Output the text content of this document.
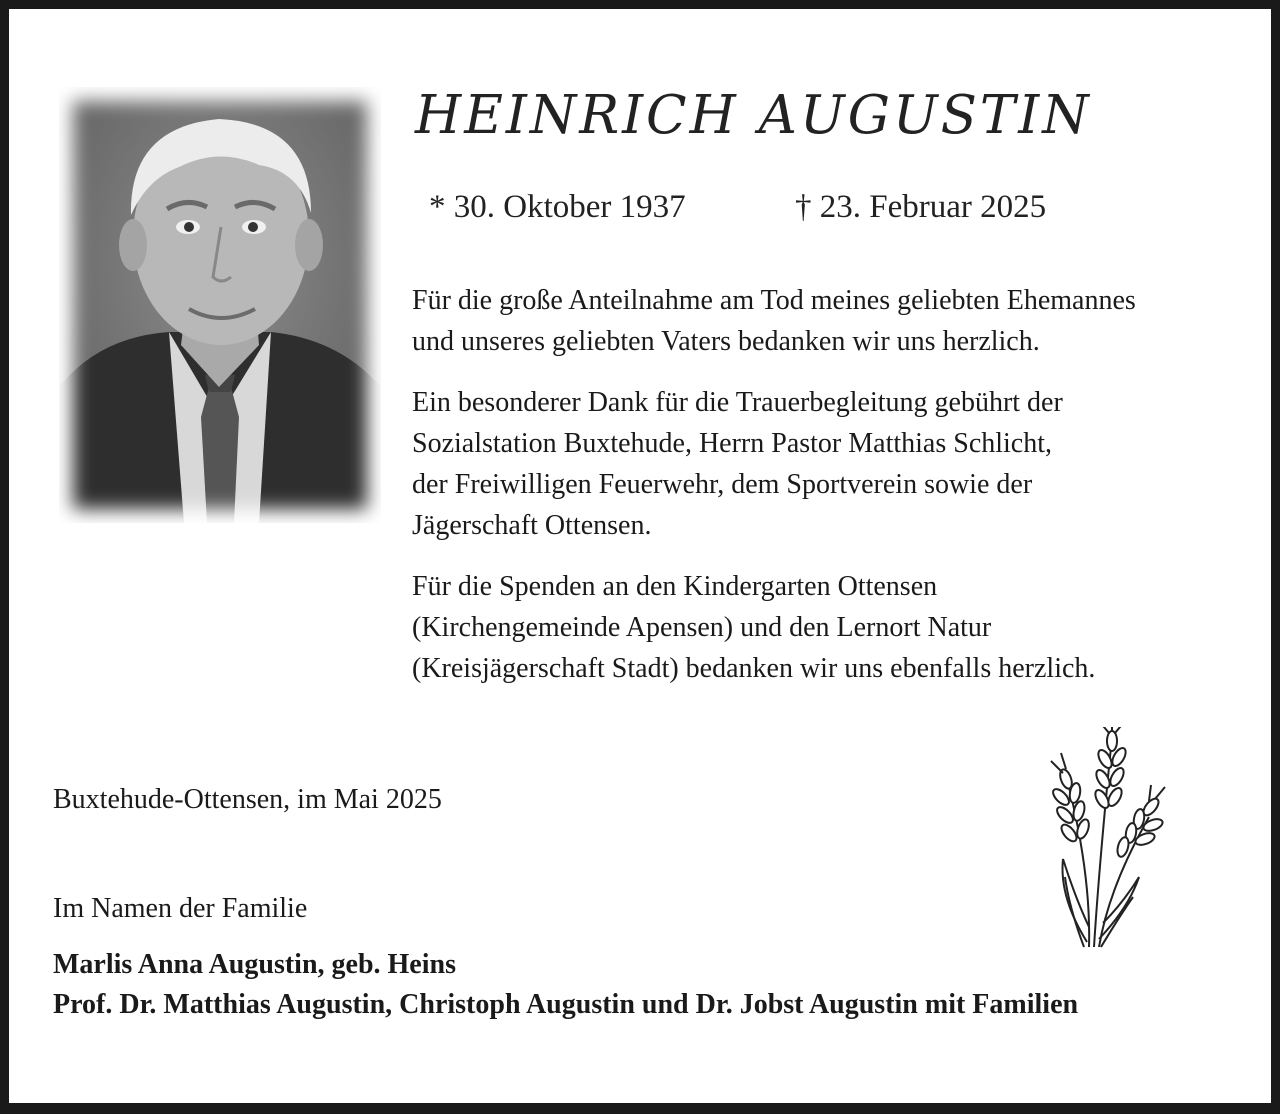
HEINRICH AUGUSTIN
* 30. Oktober 1937	† 23. Februar 2025

Für die große Anteilnahme am Tod meines geliebten Ehemannes
und unseres geliebten Vaters bedanken wir uns herzlich.

Ein besonderer Dank für die Trauerbegleitung gebührt der
Sozialstation Buxtehude, Herrn Pastor Matthias Schlicht,
der Freiwilligen Feuerwehr, dem Sportverein sowie der
Jägerschaft Ottensen.

Für die Spenden an den Kindergarten Ottensen
(Kirchengemeinde Apensen) und den Lernort Natur
(Kreisjägerschaft Stadt) bedanken wir uns ebenfalls herzlich.

Buxtehude-Ottensen, im Mai 2025
Im Namen der Familie

Marlis Anna Augustin, geb. Heins
Prof. Dr. Matthias Augustin, Christoph Augustin und Dr. Jobst Augustin mit Familien
